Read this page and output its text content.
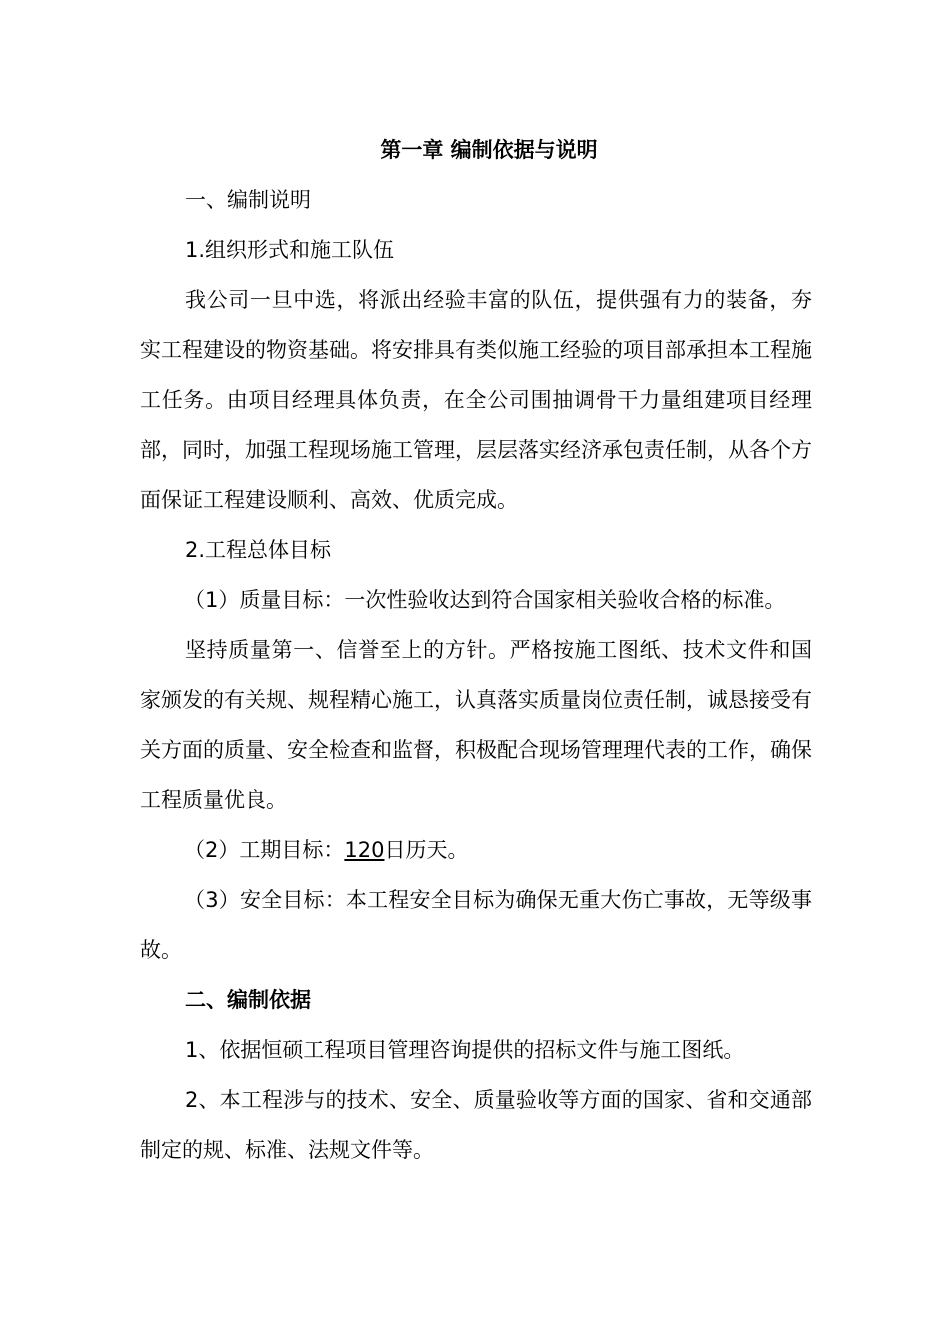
第一章 编制依据与说明

一、编制说明

1.组织形式和施工队伍

我公司一旦中选，将派出经验丰富的队伍，提供强有力的装备，夯实工程建设的物资基础。将安排具有类似施工经验的项目部承担本工程施工任务。由项目经理具体负责，在全公司围抽调骨干力量组建项目经理部，同时，加强工程现场施工管理，层层落实经济承包责任制，从各个方面保证工程建设顺利、高效、优质完成。

2.工程总体目标

（1）质量目标：一次性验收达到符合国家相关验收合格的标准。

坚持质量第一、信誉至上的方针。严格按施工图纸、技术文件和国家颁发的有关规、规程精心施工，认真落实质量岗位责任制，诚恳接受有关方面的质量、安全检查和监督，积极配合现场管理理代表的工作，确保工程质量优良。

（2）工期目标：120日历天。

（3）安全目标：本工程安全目标为确保无重大伤亡事故，无等级事故。

二、编制依据

1、依据恒硕工程项目管理咨询提供的招标文件与施工图纸。

2、本工程涉与的技术、安全、质量验收等方面的国家、省和交通部制定的规、标准、法规文件等。
